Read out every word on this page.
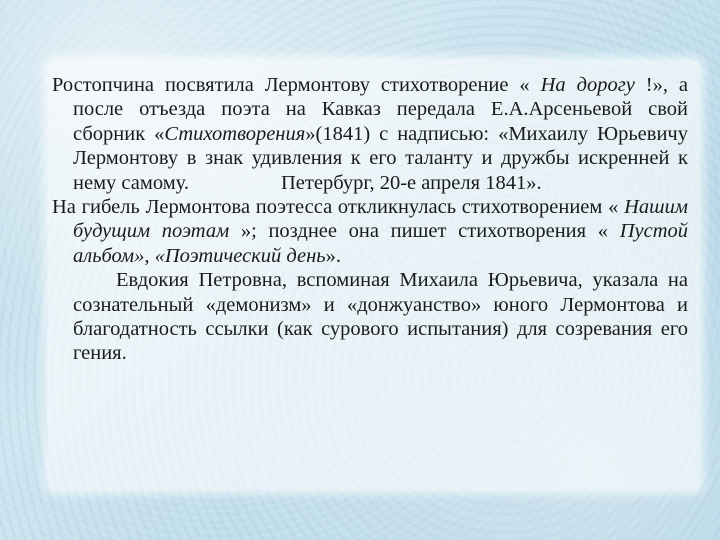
Ростопчина посвятила Лермонтову стихотворение « На дорогу !», а после отъезда поэта на Кавказ передала Е.А.Арсеньевой свой сборник «Стихотворения»(1841) с надписью: «Михаилу Юрьевичу Лермонтову в знак удивления к его таланту и дружбы искренней к нему самому.	Петербург, 20-е апреля 1841».

На гибель Лермонтова поэтесса откликнулась стихотворением « Нашим будущим поэтам »; позднее она пишет стихотворения « Пустой альбом», «Поэтический день».

Евдокия Петровна, вспоминая Михаила Юрьевича, указала на сознательный «демонизм» и «донжуанство» юного Лермонтова и благодатность ссылки (как сурового испытания) для созревания его гения.
